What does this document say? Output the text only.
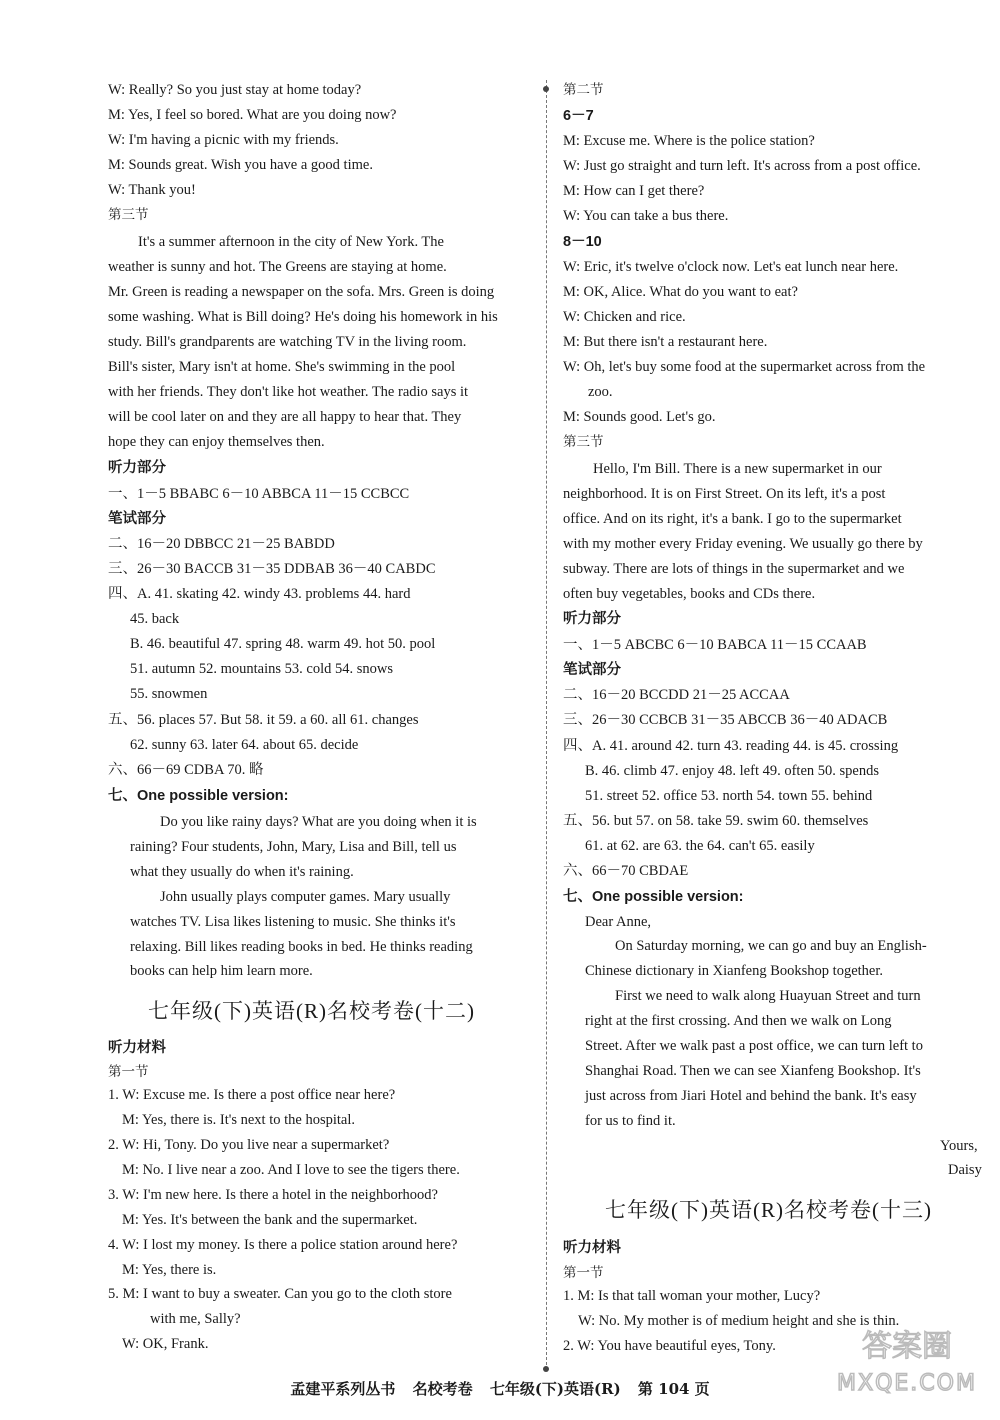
W: Really? So you just stay at home today?
M: Yes, I feel so bored. What are you doing now?
W: I'm having a picnic with my friends.
M: Sounds great. Wish you have a good time.
W: Thank you!
第三节
It's a summer afternoon in the city of New York. The
weather is sunny and hot. The Greens are staying at home.
Mr. Green is reading a newspaper on the sofa. Mrs. Green is doing
some washing. What is Bill doing? He's doing his homework in his
study. Bill's grandparents are watching TV in the living room.
Bill's sister, Mary isn't at home. She's swimming in the pool
with her friends. They don't like hot weather. The radio says it
will be cool later on and they are all happy to hear that. They
hope they can enjoy themselves then.
听力部分
一、1－5 BBABC 6－10 ABBCA 11－15 CCBCC
笔试部分
二、16－20 DBBCC 21－25 BABDD
三、26－30 BACCB 31－35 DDBAB 36－40 CABDC
四、A. 41. skating 42. windy 43. problems 44. hard
45. back
B. 46. beautiful 47. spring 48. warm 49. hot 50. pool
51. autumn 52. mountains 53. cold 54. snows
55. snowmen
五、56. places 57. But 58. it 59. a 60. all 61. changes
62. sunny 63. later 64. about 65. decide
六、66－69 CDBA 70. 略
七、One possible version:
Do you like rainy days? What are you doing when it is
raining? Four students, John, Mary, Lisa and Bill, tell us
what they usually do when it's raining.
John usually plays computer games. Mary usually
watches TV. Lisa likes listening to music. She thinks it's
relaxing. Bill likes reading books in bed. He thinks reading
books can help him learn more.
听力材料
第一节
1. W: Excuse me. Is there a post office near here?
M: Yes, there is. It's next to the hospital.
2. W: Hi, Tony. Do you live near a supermarket?
M: No. I live near a zoo. And I love to see the tigers there.
3. W: I'm new here. Is there a hotel in the neighborhood?
M: Yes. It's between the bank and the supermarket.
4. W: I lost my money. Is there a police station around here?
M: Yes, there is.
5. M: I want to buy a sweater. Can you go to the cloth store
with me, Sally?
W: OK, Frank.
第二节
6－7
M: Excuse me. Where is the police station?
W: Just go straight and turn left. It's across from a post office.
M: How can I get there?
W: You can take a bus there.
8－10
W: Eric, it's twelve o'clock now. Let's eat lunch near here.
M: OK, Alice. What do you want to eat?
W: Chicken and rice.
M: But there isn't a restaurant here.
W: Oh, let's buy some food at the supermarket across from the
zoo.
M: Sounds good. Let's go.
第三节
Hello, I'm Bill. There is a new supermarket in our
neighborhood. It is on First Street. On its left, it's a post
office. And on its right, it's a bank. I go to the supermarket
with my mother every Friday evening. We usually go there by
subway. There are lots of things in the supermarket and we
often buy vegetables, books and CDs there.
听力部分
一、1－5 ABCBC 6－10 BABCA 11－15 CCAAB
笔试部分
二、16－20 BCCDD 21－25 ACCAA
三、26－30 CCBCB 31－35 ABCCB 36－40 ADACB
四、A. 41. around 42. turn 43. reading 44. is 45. crossing
B. 46. climb 47. enjoy 48. left 49. often 50. spends
51. street 52. office 53. north 54. town 55. behind
五、56. but 57. on 58. take 59. swim 60. themselves
61. at 62. are 63. the 64. can't 65. easily
六、66－70 CBDAE
七、One possible version:
Dear Anne,
On Saturday morning, we can go and buy an English-
Chinese dictionary in Xianfeng Bookshop together.
First we need to walk along Huayuan Street and turn
right at the first crossing. And then we walk on Long
Street. After we walk past a post office, we can turn left to
Shanghai Road. Then we can see Xianfeng Bookshop. It's
just across from Jiari Hotel and behind the bank. It's easy
for us to find it.
Yours,
Daisy
听力材料
第一节
1. M: Is that tall woman your mother, Lucy?
W: No. My mother is of medium height and she is thin.
2. W: You have beautiful eyes, Tony.
七年级(下)英语(R)名校考卷(十二)
七年级(下)英语(R)名校考卷(十三)
孟建平系列丛书 名校考卷 七年级(下)英语(R) 第 104 页
答案圈
MXQE.COM
